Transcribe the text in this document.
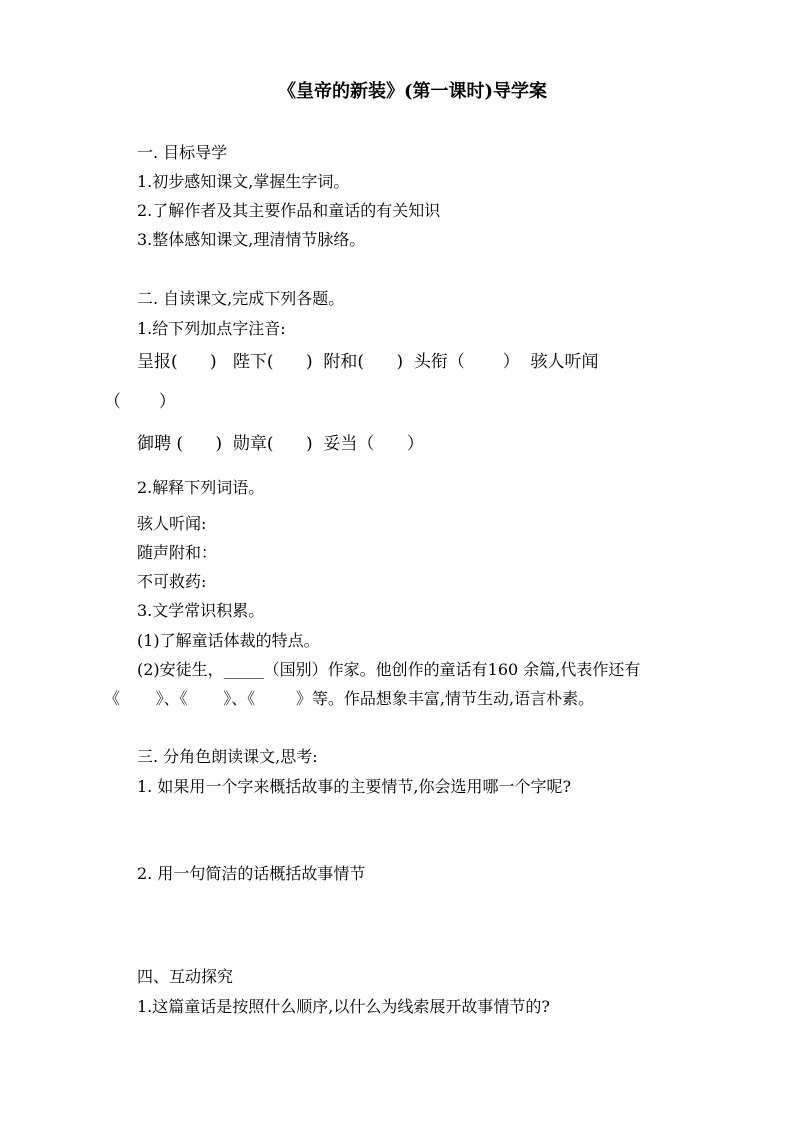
《皇帝的新装》(第一课时)导学案
一. 目标导学
1.初步感知课文,掌握生字词。
2.了解作者及其主要作品和童话的有关知识
3.整体感知课文,理清情节脉络。
二. 自读课文,完成下列各题。
1.给下列加点字注音:
呈报(      )   陛下(      )  附和(      )  头衔（       ）  骇人听闻
（       ）
御聘 (      )  勋章(      )  妥当（      ）
2.解释下列词语。
骇人听闻:
随声附和：
不可救药:
3.文学常识积累。
(1)了解童话体裁的特点。
(2)安徒生，_____（国别）作家。他创作的童话有160 余篇,代表作还有
《       》、《       》、《        》等。作品想象丰富,情节生动,语言朴素。
三. 分角色朗读课文,思考:
1. 如果用一个字来概括故事的主要情节,你会选用哪一个字呢?
2. 用一句简洁的话概括故事情节
四、互动探究
1.这篇童话是按照什么顺序,以什么为线索展开故事情节的?
